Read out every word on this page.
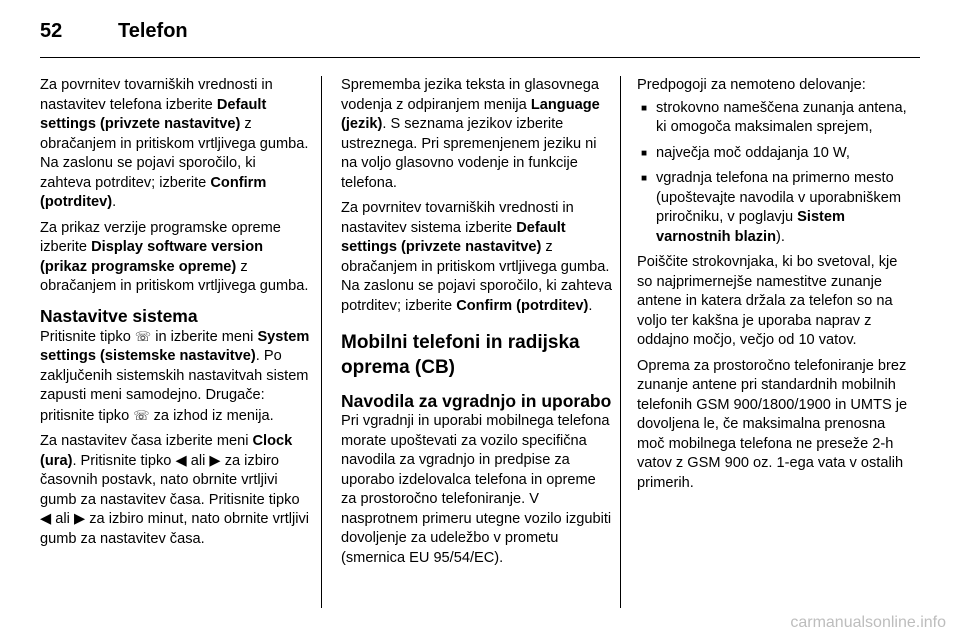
52	Telefon

Za povrnitev tovarniških vrednosti in nastavitev telefona izberite Default settings (privzete nastavitve) z obračanjem in pritiskom vrtljivega gumba. Na zaslonu se pojavi sporočilo, ki zahteva potrditev; izberite Confirm (potrditev).

Za prikaz verzije programske opreme izberite Display software version (prikaz programske opreme) z obračanjem in pritiskom vrtljivega gumba.

Nastavitve sistema

Pritisnite tipko ☏ in izberite meni System settings (sistemske nastavitve). Po zaključenih sistemskih nastavitvah sistem zapusti meni samodejno. Drugače: pritisnite tipko ☏ za izhod iz menija.

Za nastavitev časa izberite meni Clock (ura). Pritisnite tipko ◀ ali ▶ za izbiro časovnih postavk, nato obrnite vrtljivi gumb za nastavitev časa. Pritisnite tipko ◀ ali ▶ za izbiro minut, nato obrnite vrtljivi gumb za nastavitev časa.

Sprememba jezika teksta in glasovnega vodenja z odpiranjem menija Language (jezik). S seznama jezikov izberite ustreznega. Pri spremenjenem jeziku ni na voljo glasovno vodenje in funkcije telefona.

Za povrnitev tovarniških vrednosti in nastavitev sistema izberite Default settings (privzete nastavitve) z obračanjem in pritiskom vrtljivega gumba. Na zaslonu se pojavi sporočilo, ki zahteva potrditev; izberite Confirm (potrditev).

Mobilni telefoni in radijska oprema (CB)
Navodila za vgradnjo in uporabo

Pri vgradnji in uporabi mobilnega telefona morate upoštevati za vozilo specifična navodila za vgradnjo in predpise za uporabo izdelovalca telefona in opreme za prostoročno telefoniranje. V nasprotnem primeru utegne vozilo izgubiti dovoljenje za udeležbo v prometu (smernica EU 95/54/EC).

Predpogoji za nemoteno delovanje:

■ strokovno nameščena zunanja antena, ki omogoča maksimalen sprejem,
■ največja moč oddajanja 10 W,
■ vgradnja telefona na primerno mesto (upoštevajte navodila v uporabniškem priročniku, v poglavju Sistem varnostnih blazin).

Poiščite strokovnjaka, ki bo svetoval, kje so najprimernejše namestitve zunanje antene in katera držala za telefon so na voljo ter kakšna je uporaba naprav z oddajno močjo, večjo od 10 vatov.

Oprema za prostoročno telefoniranje brez zunanje antene pri standardnih mobilnih telefonih GSM 900/1800/1900 in UMTS je dovoljena le, če maksimalna prenosna moč mobilnega telefona ne preseže 2-h vatov z GSM 900 oz. 1-ega vata v ostalih primerih.

carmanualsonline.info
